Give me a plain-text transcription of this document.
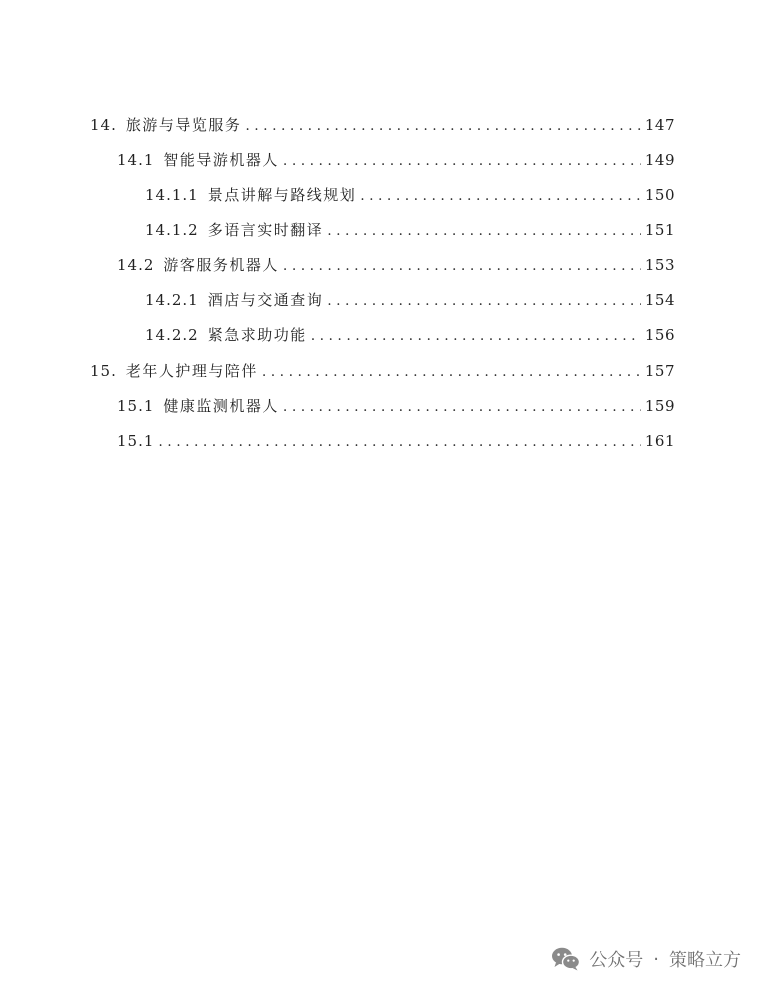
14. 旅游与导览服务 . . .	147
14.1 智能导游机器人 . . .	149
14.1.1 景点讲解与路线规划 . . .	150
14.1.2 多语言实时翻译 . . .	151
14.2 游客服务机器人 . . .	153
14.2.1 酒店与交通查询 . . .	154
14.2.2 紧急求助功能 . . .	156
15. 老年人护理与陪伴 . . .	157
15.1 健康监测机器人 . . .	159
15.1 . . .	161
公众号 · 策略立方
